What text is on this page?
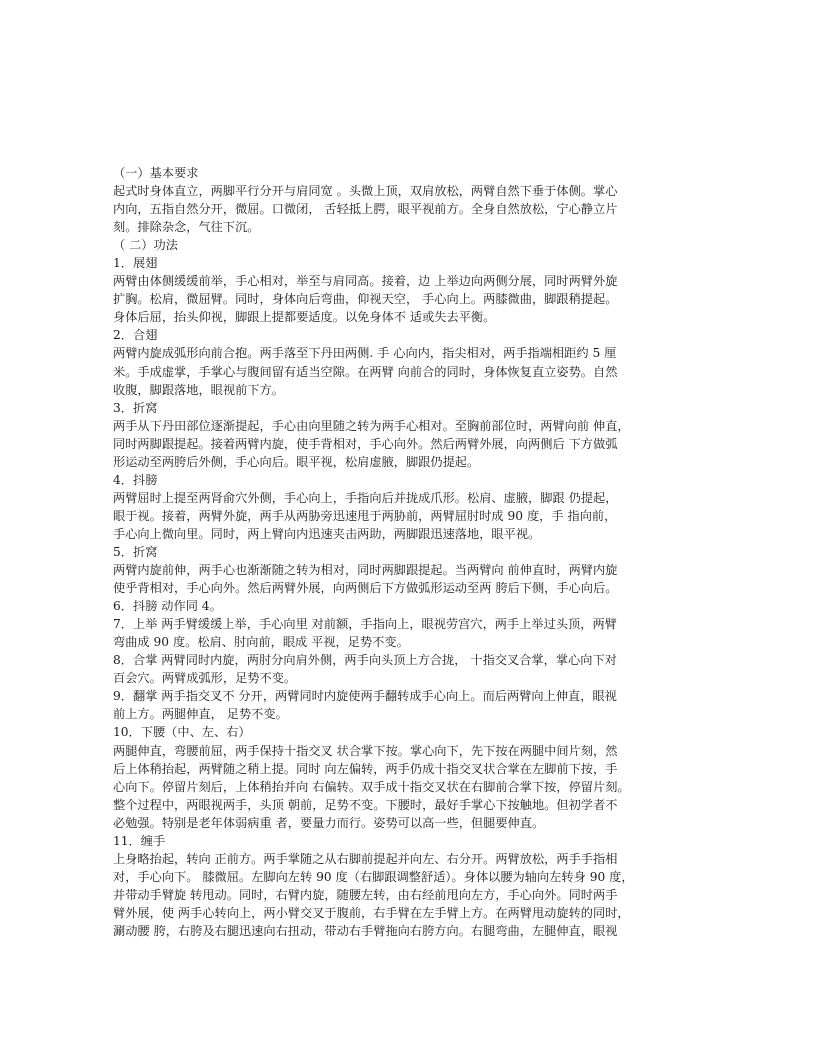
（一）基本要求
起式时身体直立，两脚平行分开与肩同宽 。头微上顶，双肩放松，两臂自然下垂于体侧。掌心
内向，五指自然分开，微屈。口微闭， 舌轻抵上腭，眼平视前方。全身自然放松，宁心静立片
刻。排除杂念，气往下沉。
（ 二）功法
1．展翅
两臂由体侧缓缓前举，手心相对，举至与肩同高。接着，边 上举边向两侧分展，同时两臂外旋
扩胸。松肩，微屈臂。同时，身体向后弯曲，仰视天空， 手心向上。两膝微曲，脚跟稍提起。
身体后屈，抬头仰视，脚跟上提都要适度。以免身体不 适或失去平衡。
2．合翅
两臂内旋成弧形向前合抱。两手落至下丹田两侧. 手 心向内，指尖相对，两手指端相距约 5 厘
米。手成虚掌，手掌心与腹间留有适当空隙。在两臂 向前合的同时，身体恢复直立姿势。自然
收腹，脚跟落地，眼视前下方。
3．折窝
两手从下丹田部位逐渐提起，手心由向里随之转为两手心相对。至胸前部位时，两臂向前 伸直，
同时两脚跟提起。接着两臂内旋，使手背相对，手心向外。然后两臂外展，向两侧后 下方做弧
形运动至两胯后外侧，手心向后。眼平视，松肩虚腋，脚跟仍提起。
4．抖膀
两臂屈时上提至两肾俞穴外侧，手心向上，手指向后并拢成爪形。松肩、虚腋，脚跟 仍提起，
眼于视。接着，两臂外旋，两手从两胁旁迅速甩于两胁前，两臂屈肘时成 90 度，手 指向前，
手心向上微向里。同时，两上臂向内迅速夹击两助，两脚跟迅速落地，眼平视。
5．折窝
两臂内旋前伸，两手心也渐渐随之转为相对，同时两脚跟提起。当两臂向 前伸直时，两臂内旋
使乎背相对，手心向外。然后两臂外展，向两侧后下方做弧形运动至两 胯后下侧，手心向后。
6．抖膀 动作同 4。
7．上举 两手臂缓缓上举，手心向里 对前额，手指向上，眼视劳宫穴，两手上举过头顶，两臂
弯曲成 90 度。松肩、肘向前，眼成 平视，足势不变。
8．合掌 两臂同时内旋，两肘分向肩外侧，两手向头顶上方合拢， 十指交叉合掌，掌心向下对
百会穴。两臂成弧形，足势不变。
9．翻掌 两手指交叉不 分开，两臂同时内旋使两手翻转成手心向上。而后两臂向上伸直，眼视
前上方。两腿伸直， 足势不变。
10．下腰（中、左、右）
两腿伸直，弯腰前屈，两手保持十指交叉 状合掌下按。掌心向下，先下按在两腿中间片刻，然
后上体稍抬起，两臂随之稍上提。同时 向左偏转，两手仍成十指交叉状合掌在左脚前下按，手
心向下。停留片刻后，上体稍抬并向 右偏转。双手成十指交叉状在右脚前合掌下按，停留片刻。
整个过程中，两眼视两手，头顶 朝前，足势不变。下腰时，最好手掌心下按触地。但初学者不
必勉强。特别是老年体弱病重 者，要量力而行。姿势可以高一些，但腿要伸直。
11．缠手
上身略抬起，转向 正前方。两手掌随之从右脚前提起并向左、右分开。两臂放松，两手手指相
对，手心向下。 膝微屈。左脚向左转 90 度（右脚跟调整舒适）。身体以腰为轴向左转身 90 度，
并带动手臂旋 转甩动。同时，右臂内旋，随腰左转，由右经前甩向左方，手心向外。同时两手
臂外展，使 两手心转向上，两小臂交叉于腹前，右手臂在左手臂上方。在两臂甩动旋转的同时，
涮动腰 胯，右胯及右腿迅速向右扭动，带动右手臂拖向右胯方向。右腿弯曲，左腿伸直，眼视
